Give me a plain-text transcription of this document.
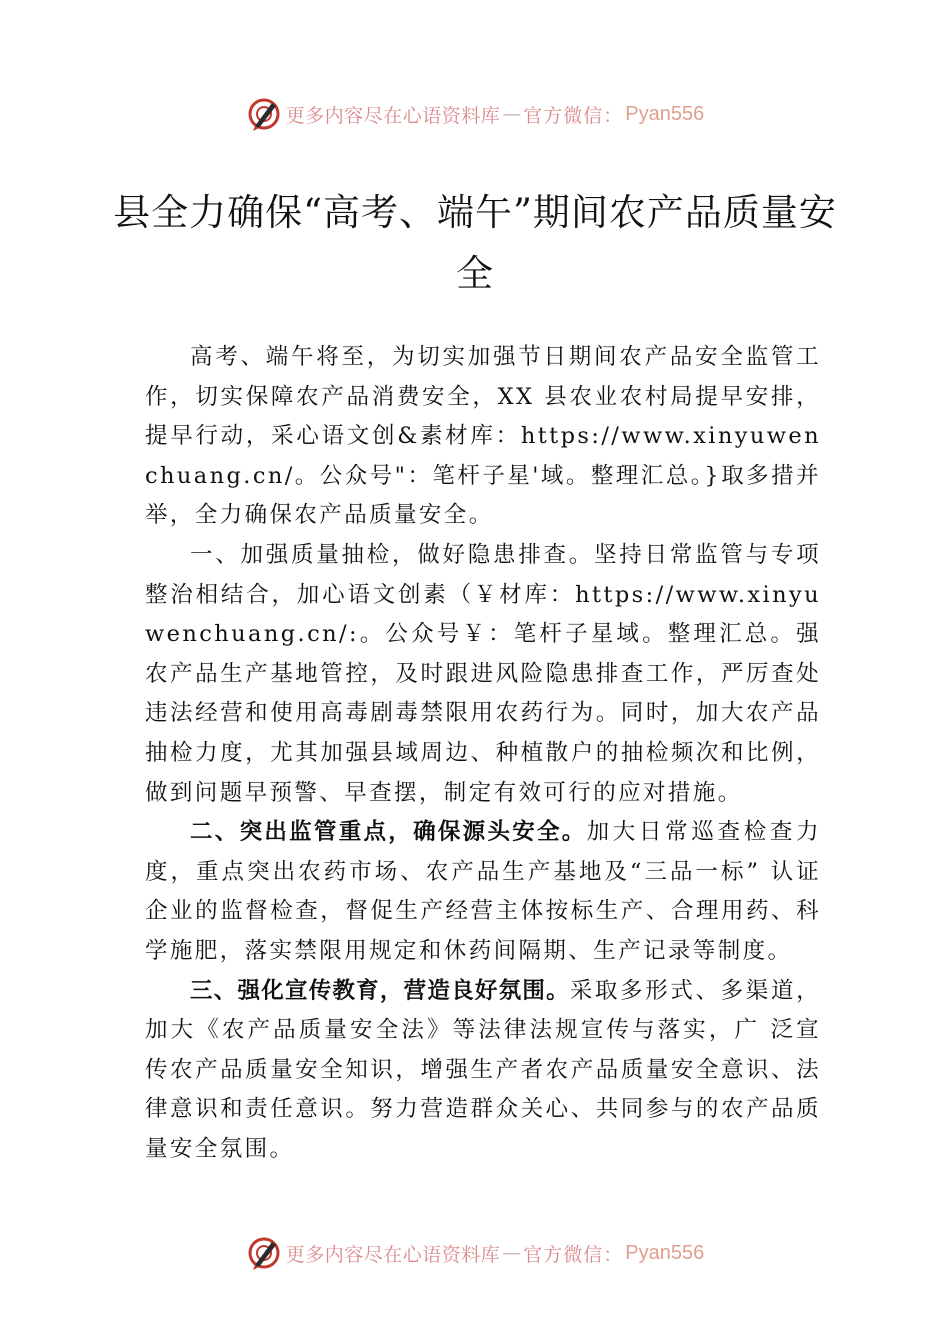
更多内容尽在心语资料库 — 官方微信： Pyan556
县全力确保“高考、端午”期间农产品质量安全

高考、端午将至，为切实加强节日期间农产品安全监管工作，切实保障农产品消费安全，XX 县农业农村局提早安排，提早行动，采心语文创&素材库：https://www.xinyuwenchuang.cn/。公众号"：笔杆子星'域。整理汇总。}取多措并举，全力确保农产品质量安全。

一、加强质量抽检，做好隐患排查。坚持日常监管与专项整治相结合，加心语文创素（￥材库：https://www.xinyuwenchuang.cn/:。公众号￥：笔杆子星域。整理汇总。强农产品生产基地管控，及时跟进风险隐患排查工作，严厉查处违法经营和使用高毒剧毒禁限用农药行为。同时，加大农产品抽检力度，尤其加强县域周边、种植散户的抽检频次和比例，做到问题早预警、早查摆，制定有效可行的应对措施。

二、突出监管重点，确保源头安全。加大日常巡查检查力度，重点突出农药市场、农产品生产基地及“三品一标” 认证企业的监督检查，督促生产经营主体按标生产、合理用药、科学施肥，落实禁限用规定和休药间隔期、生产记录等制度。

三、强化宣传教育，营造良好氛围。采取多形式、多渠道，加大《农产品质量安全法》等法律法规宣传与落实，广 泛宣传农产品质量安全知识，增强生产者农产品质量安全意识、法律意识和责任意识。努力营造群众关心、共同参与的农产品质量安全氛围。

更多内容尽在心语资料库 — 官方微信： Pyan556
